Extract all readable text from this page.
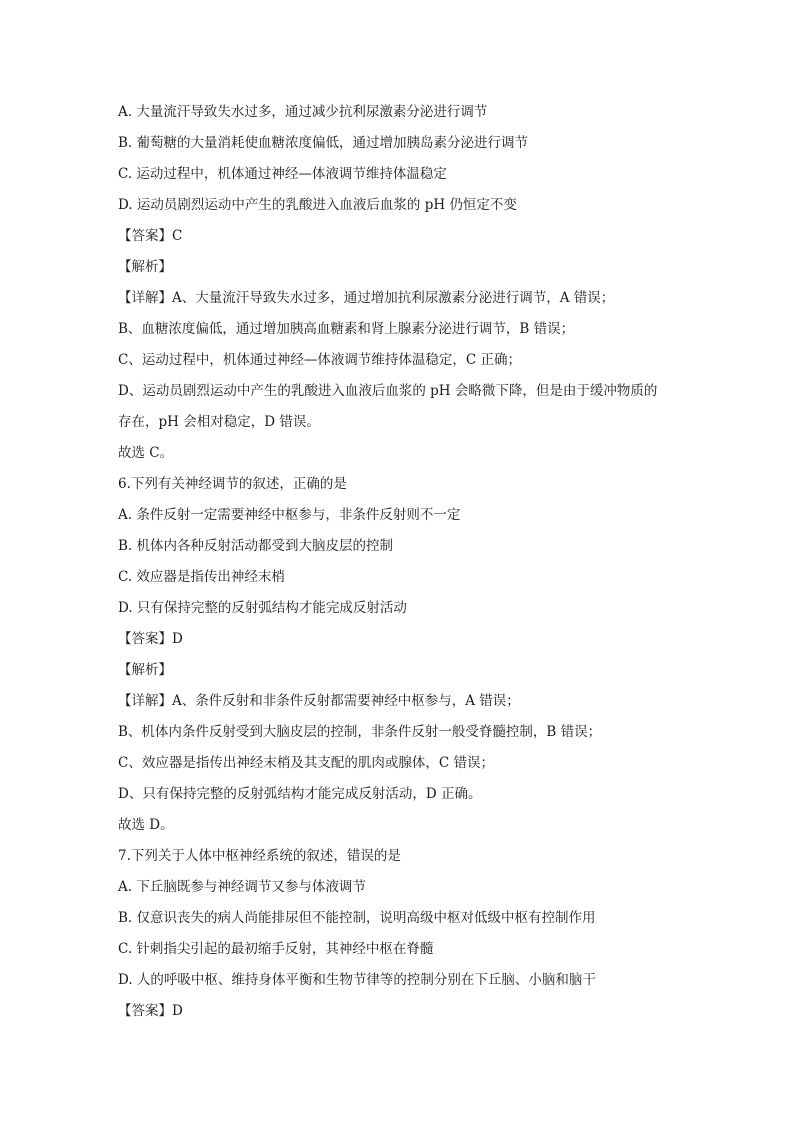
A. 大量流汗导致失水过多，通过减少抗利尿激素分泌进行调节
B. 葡萄糖的大量消耗使血糖浓度偏低，通过增加胰岛素分泌进行调节
C. 运动过程中，机体通过神经—体液调节维持体温稳定
D. 运动员剧烈运动中产生的乳酸进入血液后血浆的 pH 仍恒定不变
【答案】C
【解析】
【详解】A、大量流汗导致失水过多，通过增加抗利尿激素分泌进行调节，A 错误；
B、血糖浓度偏低，通过增加胰高血糖素和肾上腺素分泌进行调节，B 错误；
C、运动过程中，机体通过神经—体液调节维持体温稳定，C 正确；
D、运动员剧烈运动中产生的乳酸进入血液后血浆的 pH 会略微下降，但是由于缓冲物质的
存在，pH 会相对稳定，D 错误。
故选 C。
6.下列有关神经调节的叙述，正确的是
A. 条件反射一定需要神经中枢参与，非条件反射则不一定
B. 机体内各种反射活动都受到大脑皮层的控制
C. 效应器是指传出神经末梢
D. 只有保持完整的反射弧结构才能完成反射活动
【答案】D
【解析】
【详解】A、条件反射和非条件反射都需要神经中枢参与，A 错误；
B、机体内条件反射受到大脑皮层的控制，非条件反射一般受脊髓控制，B 错误；
C、效应器是指传出神经末梢及其支配的肌肉或腺体，C 错误；
D、只有保持完整的反射弧结构才能完成反射活动，D 正确。
故选 D。
7.下列关于人体中枢神经系统的叙述，错误的是
A. 下丘脑既参与神经调节又参与体液调节
B. 仅意识丧失的病人尚能排尿但不能控制，说明高级中枢对低级中枢有控制作用
C. 针刺指尖引起的最初缩手反射，其神经中枢在脊髓
D. 人的呼吸中枢、维持身体平衡和生物节律等的控制分别在下丘脑、小脑和脑干
【答案】D
